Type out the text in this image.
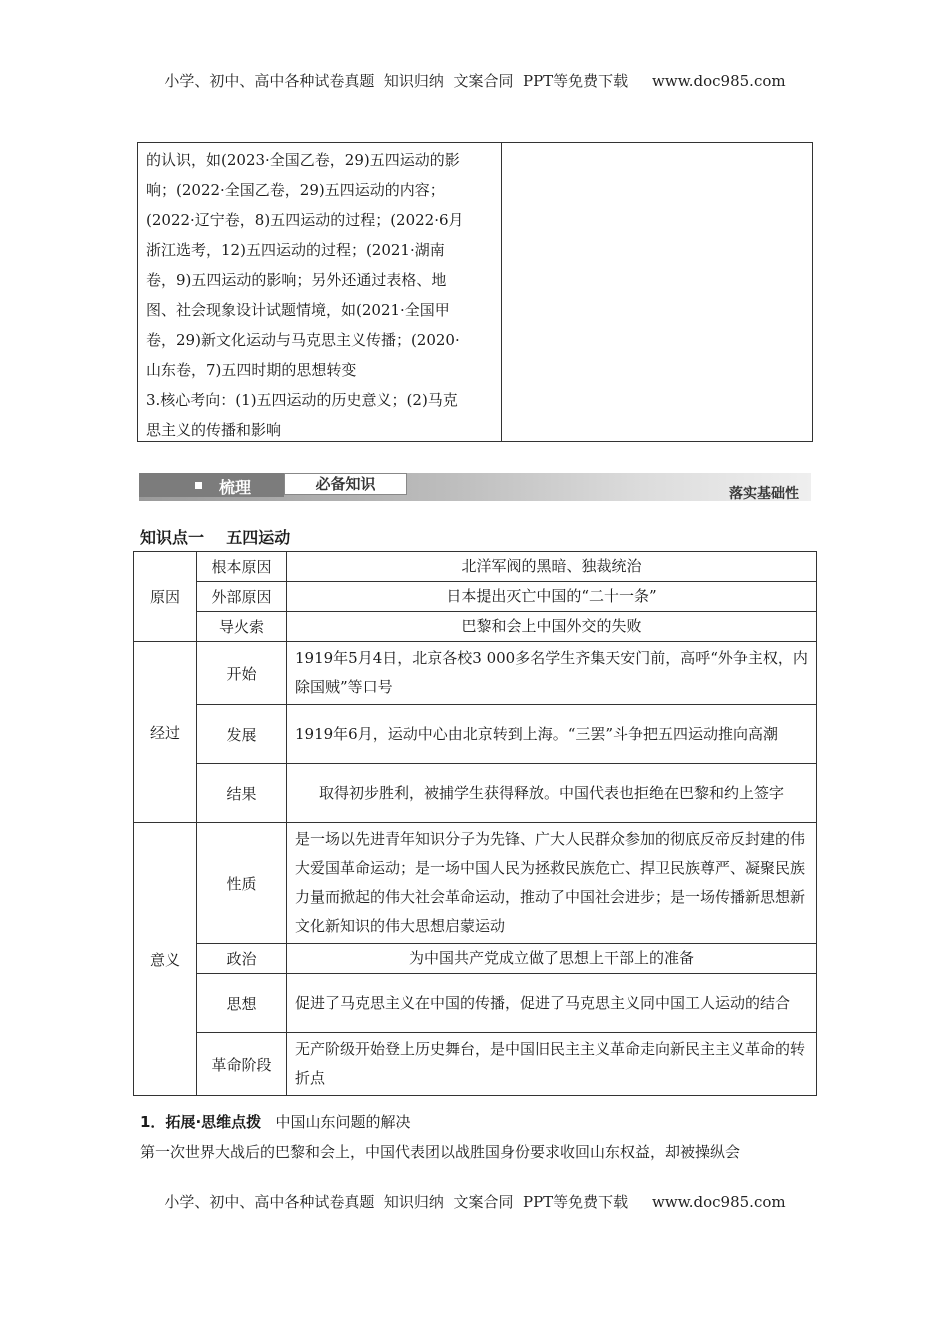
小学、初中、高中各种试卷真题  知识归纳  文案合同  PPT等免费下载     www.doc985.com
的认识，如(2023·全国乙卷，29)五四运动的影
响；(2022·全国乙卷，29)五四运动的内容；
(2022·辽宁卷，8)五四运动的过程；(2022·6月
浙江选考，12)五四运动的过程；(2021·湖南
卷，9)五四运动的影响；另外还通过表格、地
图、社会现象设计试题情境，如(2021·全国甲
卷，29)新文化运动与马克思主义传播；(2020·
山东卷，7)五四时期的思想转变
3.核心考向：(1)五四运动的历史意义；(2)马克
思主义的传播和影响
梳理	必备知识
落实基础性
知识点一    五四运动
原因	根本原因	北洋军阀的黑暗、独裁统治
	外部原因	日本提出灭亡中国的“二十一条”
	导火索	巴黎和会上中国外交的失败
经过	开始	1919年5月4日，北京各校3 000多名学生齐集天安门前，高呼“外争主权，内除国贼”等口号
	发展	1919年6月，运动中心由北京转到上海。“三罢”斗争把五四运动推向高潮
	结果	取得初步胜利，被捕学生获得释放。中国代表也拒绝在巴黎和约上签字
意义	性质	是一场以先进青年知识分子为先锋、广大人民群众参加的彻底反帝反封建的伟大爱国革命运动；是一场中国人民为拯救民族危亡、捍卫民族尊严、凝聚民族力量而掀起的伟大社会革命运动，推动了中国社会进步；是一场传播新思想新文化新知识的伟大思想启蒙运动
	政治	为中国共产党成立做了思想上干部上的准备
	思想	促进了马克思主义在中国的传播，促进了马克思主义同中国工人运动的结合
	革命阶段	无产阶级开始登上历史舞台，是中国旧民主主义革命走向新民主主义革命的转折点
1．拓展·思维点拨 中国山东问题的解决
第一次世界大战后的巴黎和会上，中国代表团以战胜国身份要求收回山东权益，却被操纵会
小学、初中、高中各种试卷真题  知识归纳  文案合同  PPT等免费下载     www.doc985.com
